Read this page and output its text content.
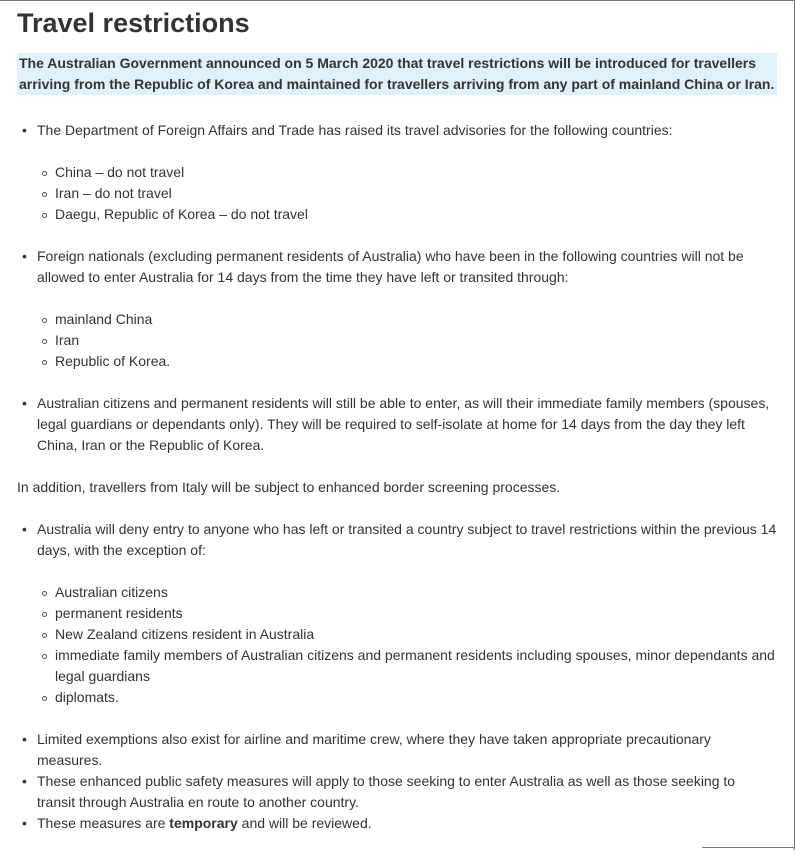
Travel restrictions
The Australian Government announced on 5 March 2020 that travel restrictions will be introduced for travellers arriving from the Republic of Korea and maintained for travellers arriving from any part of mainland China or Iran.
• The Department of Foreign Affairs and Trade has raised its travel advisories for the following countries:
China – do not travel
Iran – do not travel
Daegu, Republic of Korea – do not travel
• Foreign nationals (excluding permanent residents of Australia) who have been in the following countries will not be allowed to enter Australia for 14 days from the time they have left or transited through:
mainland China
Iran
Republic of Korea.
• Australian citizens and permanent residents will still be able to enter, as will their immediate family members (spouses, legal guardians or dependants only). They will be required to self-isolate at home for 14 days from the day they left China, Iran or the Republic of Korea.

In addition, travellers from Italy will be subject to enhanced border screening processes.

• Australia will deny entry to anyone who has left or transited a country subject to travel restrictions within the previous 14 days, with the exception of:
Australian citizens
permanent residents
New Zealand citizens resident in Australia
immediate family members of Australian citizens and permanent residents including spouses, minor dependants and legal guardians
diplomats.
• Limited exemptions also exist for airline and maritime crew, where they have taken appropriate precautionary measures.
• These enhanced public safety measures will apply to those seeking to enter Australia as well as those seeking to transit through Australia en route to another country.
• These measures are temporary and will be reviewed.
